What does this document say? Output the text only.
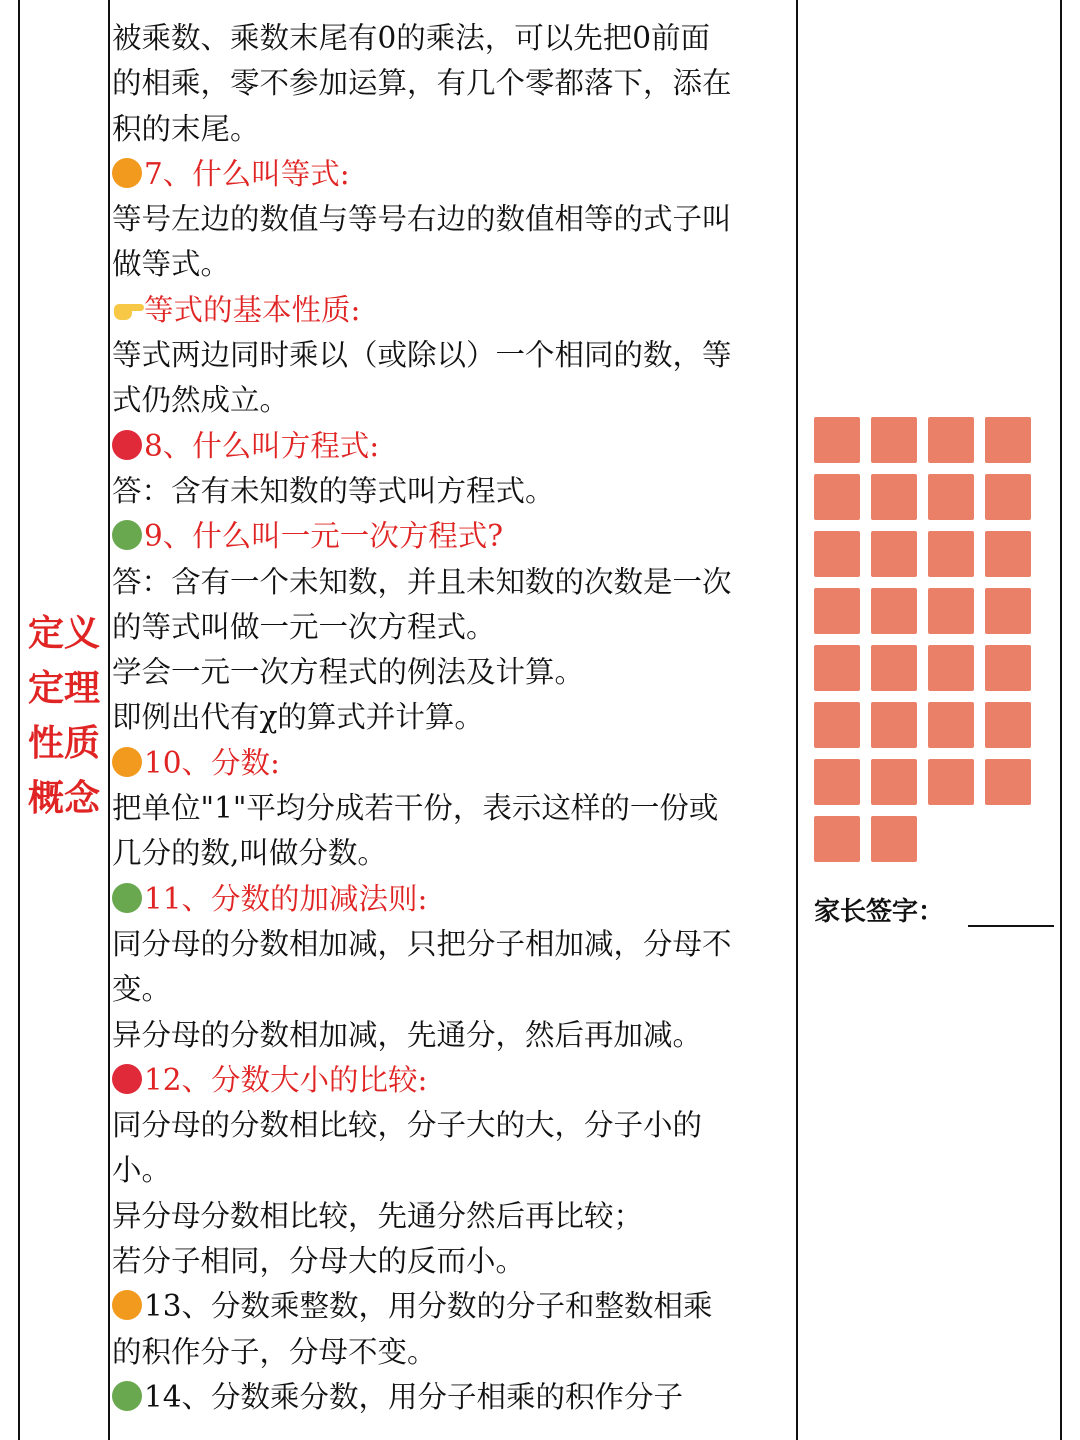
定义
定理
性质
概念
被乘数、乘数末尾有0的乘法，可以先把0前面
的相乘，零不参加运算，有几个零都落下，添在
积的末尾。
7、什么叫等式:
等号左边的数值与等号右边的数值相等的式子叫
做等式。
等式的基本性质:
等式两边同时乘以（或除以）一个相同的数，等
式仍然成立。
8、什么叫方程式:
答：含有未知数的等式叫方程式。
9、什么叫一元一次方程式?
答：含有一个未知数，并且未知数的次数是一次
的等式叫做一元一次方程式。
学会一元一次方程式的例法及计算。
即例出代有χ的算式并计算。
10、分数:
把单位"1"平均分成若干份，表示这样的一份或
几分的数,叫做分数。
11、分数的加减法则:
同分母的分数相加减，只把分子相加减，分母不
变。
异分母的分数相加减，先通分，然后再加减。
12、分数大小的比较:
同分母的分数相比较，分子大的大，分子小的
小。
异分母分数相比较，先通分然后再比较；
若分子相同，分母大的反而小。
13、分数乘整数，用分数的分子和整数相乘
的积作分子，分母不变。
14、分数乘分数，用分子相乘的积作分子
家长签字：
